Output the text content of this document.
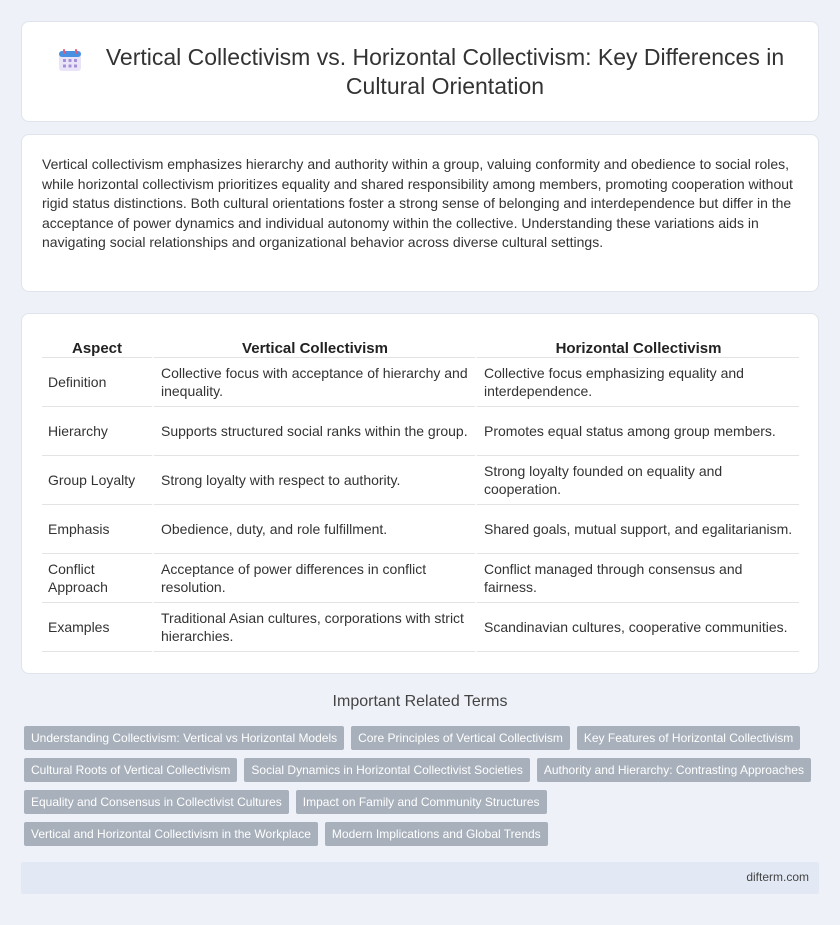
Vertical Collectivism vs. Horizontal Collectivism: Key Differences in Cultural Orientation

Vertical collectivism emphasizes hierarchy and authority within a group, valuing conformity and obedience to social roles, while horizontal collectivism prioritizes equality and shared responsibility among members, promoting cooperation without rigid status distinctions. Both cultural orientations foster a strong sense of belonging and interdependence but differ in the acceptance of power dynamics and individual autonomy within the collective. Understanding these variations aids in navigating social relationships and organizational behavior across diverse cultural settings.

Aspect	Vertical Collectivism	Horizontal Collectivism
Definition	Collective focus with acceptance of hierarchy and inequality.	Collective focus emphasizing equality and interdependence.
Hierarchy	Supports structured social ranks within the group.	Promotes equal status among group members.
Group Loyalty	Strong loyalty with respect to authority.	Strong loyalty founded on equality and cooperation.
Emphasis	Obedience, duty, and role fulfillment.	Shared goals, mutual support, and egalitarianism.
Conflict Approach	Acceptance of power differences in conflict resolution.	Conflict managed through consensus and fairness.
Examples	Traditional Asian cultures, corporations with strict hierarchies.	Scandinavian cultures, cooperative communities.
Important Related Terms
Understanding Collectivism: Vertical vs Horizontal Models	Core Principles of Vertical Collectivism	Key Features of Horizontal Collectivism
Cultural Roots of Vertical Collectivism	Social Dynamics in Horizontal Collectivist Societies	Authority and Hierarchy: Contrasting Approaches
Equality and Consensus in Collectivist Cultures	Impact on Family and Community Structures
Vertical and Horizontal Collectivism in the Workplace	Modern Implications and Global Trends
difterm.com
